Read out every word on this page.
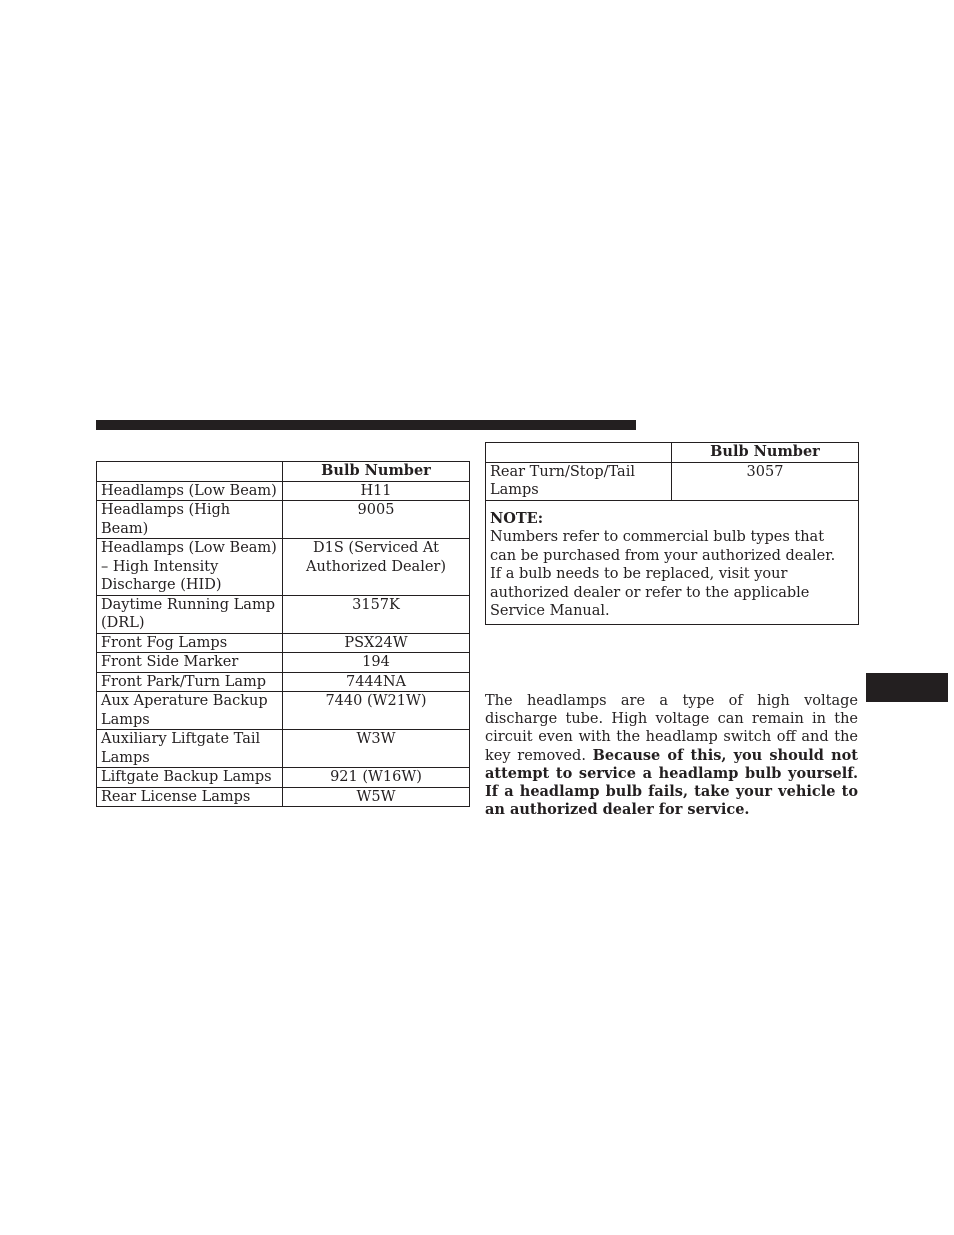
	Bulb Number
Headlamps (Low Beam)	H11
Headlamps (High Beam)	9005
Headlamps (Low Beam)
– High Intensity
Discharge (HID)	D1S (Serviced At
Authorized Dealer)
Daytime Running Lamp
(DRL)	3157K
Front Fog Lamps	PSX24W
Front Side Marker	194
Front Park/Turn Lamp	7444NA
Aux Aperature Backup
Lamps	7440 (W21W)
Auxiliary Liftgate Tail
Lamps	W3W
Liftgate Backup Lamps	921 (W16W)
Rear License Lamps	W5W
	Bulb Number
Rear Turn/Stop/Tail
Lamps	3057

NOTE:
Numbers refer to commercial bulb types that can be purchased from your authorized dealer.
If a bulb needs to be replaced, visit your authorized dealer or refer to the applicable Service Manual.	
The headlamps are a type of high voltage discharge tube. High voltage can remain in the circuit even with the headlamp switch off and the key removed. Because of this, you should not attempt to service a headlamp bulb yourself. If a headlamp bulb fails, take your vehicle to an authorized dealer for service.
